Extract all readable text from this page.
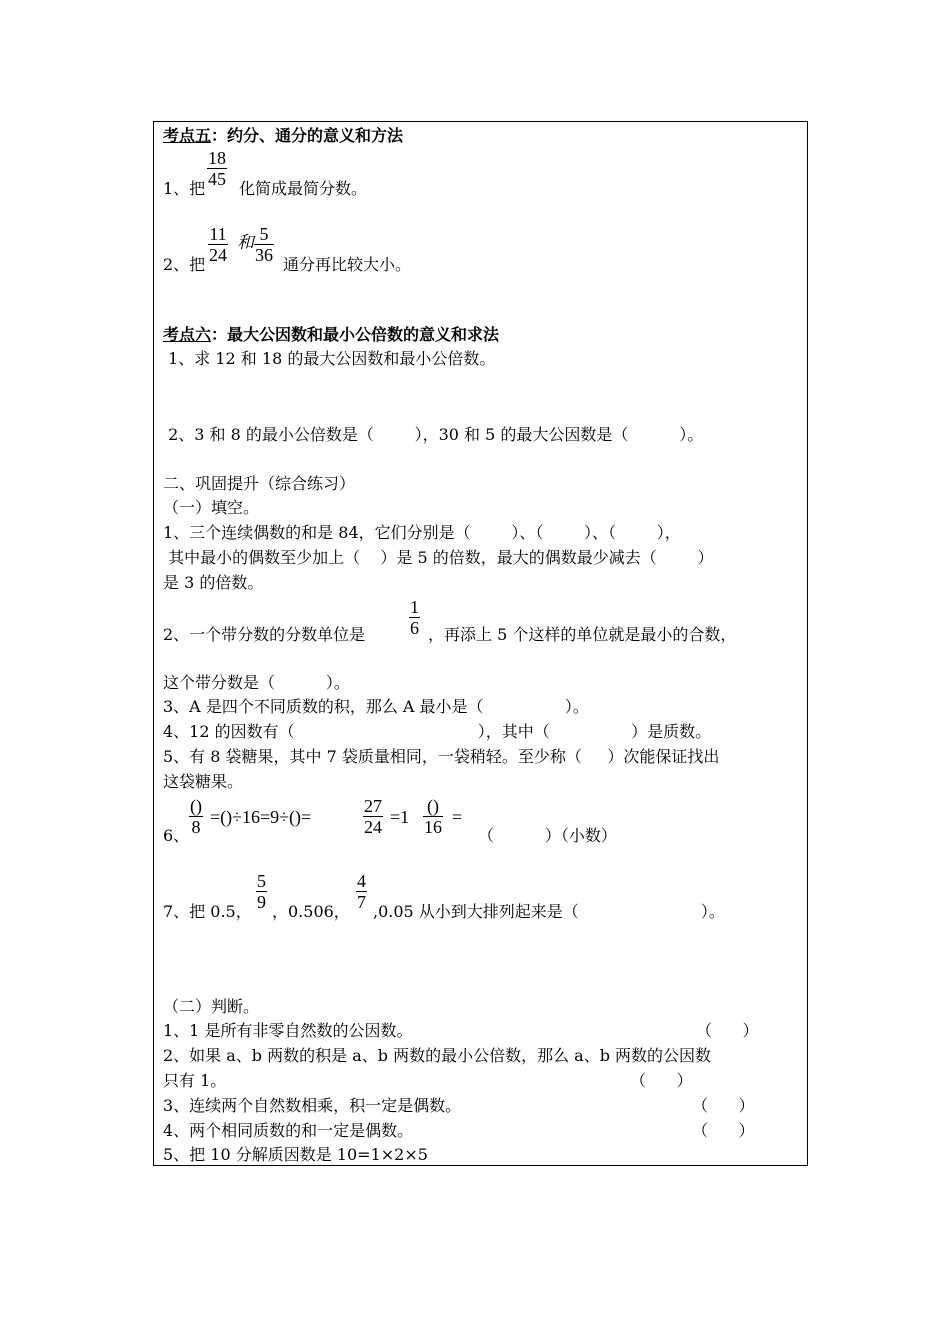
考点五：约分、通分的意义和方法
1、把
18
45 化简成最简分数。
2、把
11
24
和 5
36 通分再比较大小。
考点六：最大公因数和最小公倍数的意义和求法
1、求 12 和 18 的最大公因数和最小公倍数。
2、3 和 8 的最小公倍数是（        ），30 和 5 的最大公因数是（          ）。
二、巩固提升（综合练习）
（一）填空。
1、三个连续偶数的和是 84，它们分别是（        ）、（        ）、（        ），
其中最小的偶数至少加上（    ）是 5 的倍数，最大的偶数最少减去（        ）
是 3 的倍数。
2、一个带分数的分数单位是
1
6 ，再添上 5 个这样的单位就是最小的合数，
这个带分数是（          ）。
3、A 是四个不同质数的积，那么 A 最小是（                ）。
4、12 的因数有（                                    ），其中（                ）是质数。
5、有 8 袋糖果，其中 7 袋质量相同，一袋稍轻。至少称（     ）次能保证找出
这袋糖果。
6、
()
8 =()÷16=9÷()=
27
24 =1
()
16 =
（          ）（小数）
7、把 0.5，
5
9 ，0.506，
4
7 ,0.05 从小到大排列起来是（                        ）。
（二）判断。
1、1 是所有非零自然数的公因数。	（      ）
2、如果 a、b 两数的积是 a、b 两数的最小公倍数，那么 a、b 两数的公因数
只有 1。	（      ）
3、连续两个自然数相乘，积一定是偶数。	（      ）
4、两个相同质数的和一定是偶数。	（      ）
5、把 10 分解质因数是 10=1×2×5
